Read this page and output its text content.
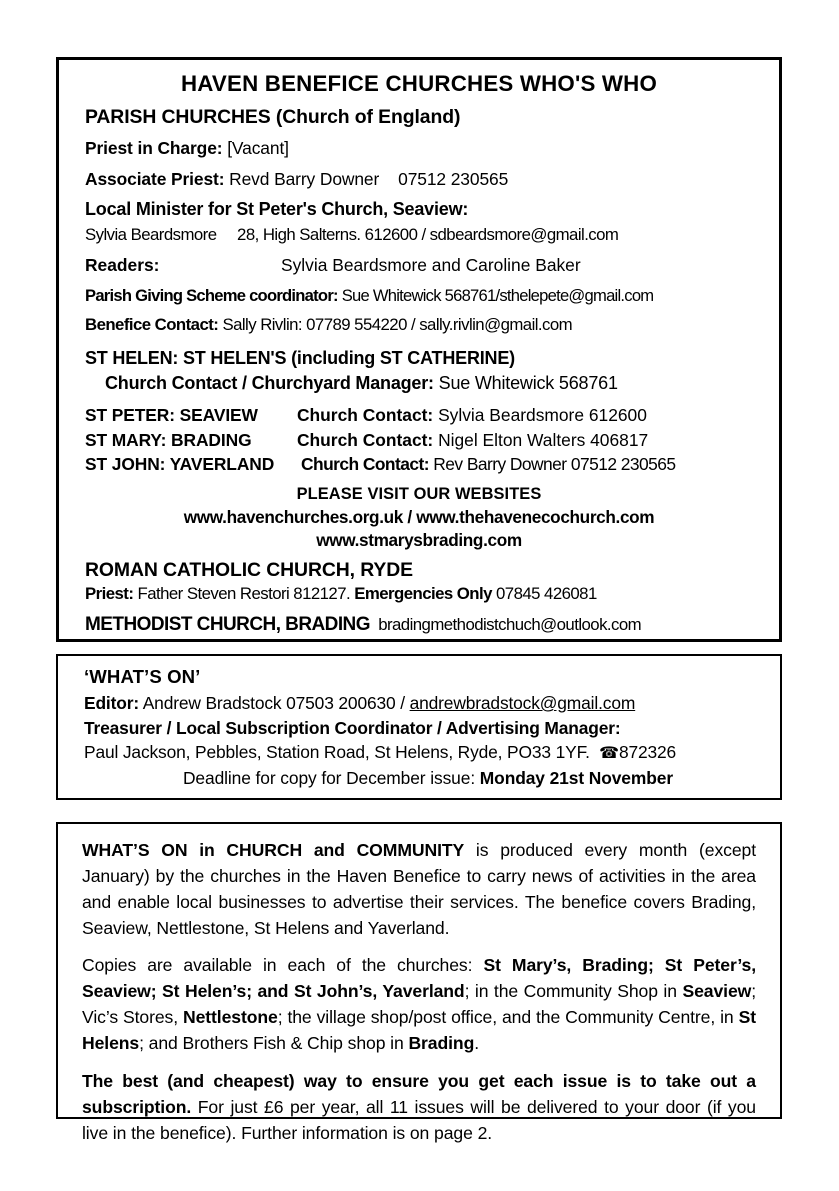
HAVEN BENEFICE CHURCHES WHO'S WHO
PARISH CHURCHES (Church of England)
Priest in Charge: [Vacant]
Associate Priest: Revd Barry Downer 07512 230565
Local Minister for St Peter's Church, Seaview:
Sylvia Beardsmore 28, High Salterns. 612600 / sdbeardsmore@gmail.com
Readers:	Sylvia Beardsmore and Caroline Baker
Parish Giving Scheme coordinator: Sue Whitewick 568761/sthelepete@gmail.com
Benefice Contact: Sally Rivlin: 07789 554220 / sally.rivlin@gmail.com
ST HELEN: ST HELEN'S (including ST CATHERINE)
Church Contact / Churchyard Manager: Sue Whitewick 568761
ST PETER: SEAVIEW Church Contact: Sylvia Beardsmore 612600
ST MARY: BRADING	Church Contact: Nigel Elton Walters 406817
ST JOHN: YAVERLAND Church Contact: Rev Barry Downer 07512 230565
PLEASE VISIT OUR WEBSITES
www.havenchurches.org.uk / www.thehavenecochurch.com
www.stmarysbrading.com
ROMAN CATHOLIC CHURCH, RYDE
Priest: Father Steven Restori 812127. Emergencies Only 07845 426081
METHODIST CHURCH, BRADING bradingmethodistchuch@outlook.com
‘WHAT’S ON’
Editor: Andrew Bradstock 07503 200630 / andrewbradstock@gmail.com
Treasurer / Local Subscription Coordinator / Advertising Manager:
Paul Jackson, Pebbles, Station Road, St Helens, Ryde, PO33 1YF. ☎872326
Deadline for copy for December issue: Monday 21st November

WHAT’S ON in CHURCH and COMMUNITY is produced every month (except January) by the churches in the Haven Benefice to carry news of activities in the area and enable local businesses to advertise their services. The benefice covers Brading, Seaview, Nettlestone, St Helens and Yaverland.

Copies are available in each of the churches: St Mary’s, Brading; St Peter’s, Seaview; St Helen’s; and St John’s, Yaverland; in the Community Shop in Seaview; Vic’s Stores, Nettlestone; the village shop/post office, and the Community Centre, in St Helens; and Brothers Fish & Chip shop in Brading.

The best (and cheapest) way to ensure you get each issue is to take out a subscription. For just £6 per year, all 11 issues will be delivered to your door (if you live in the benefice). Further information is on page 2.
